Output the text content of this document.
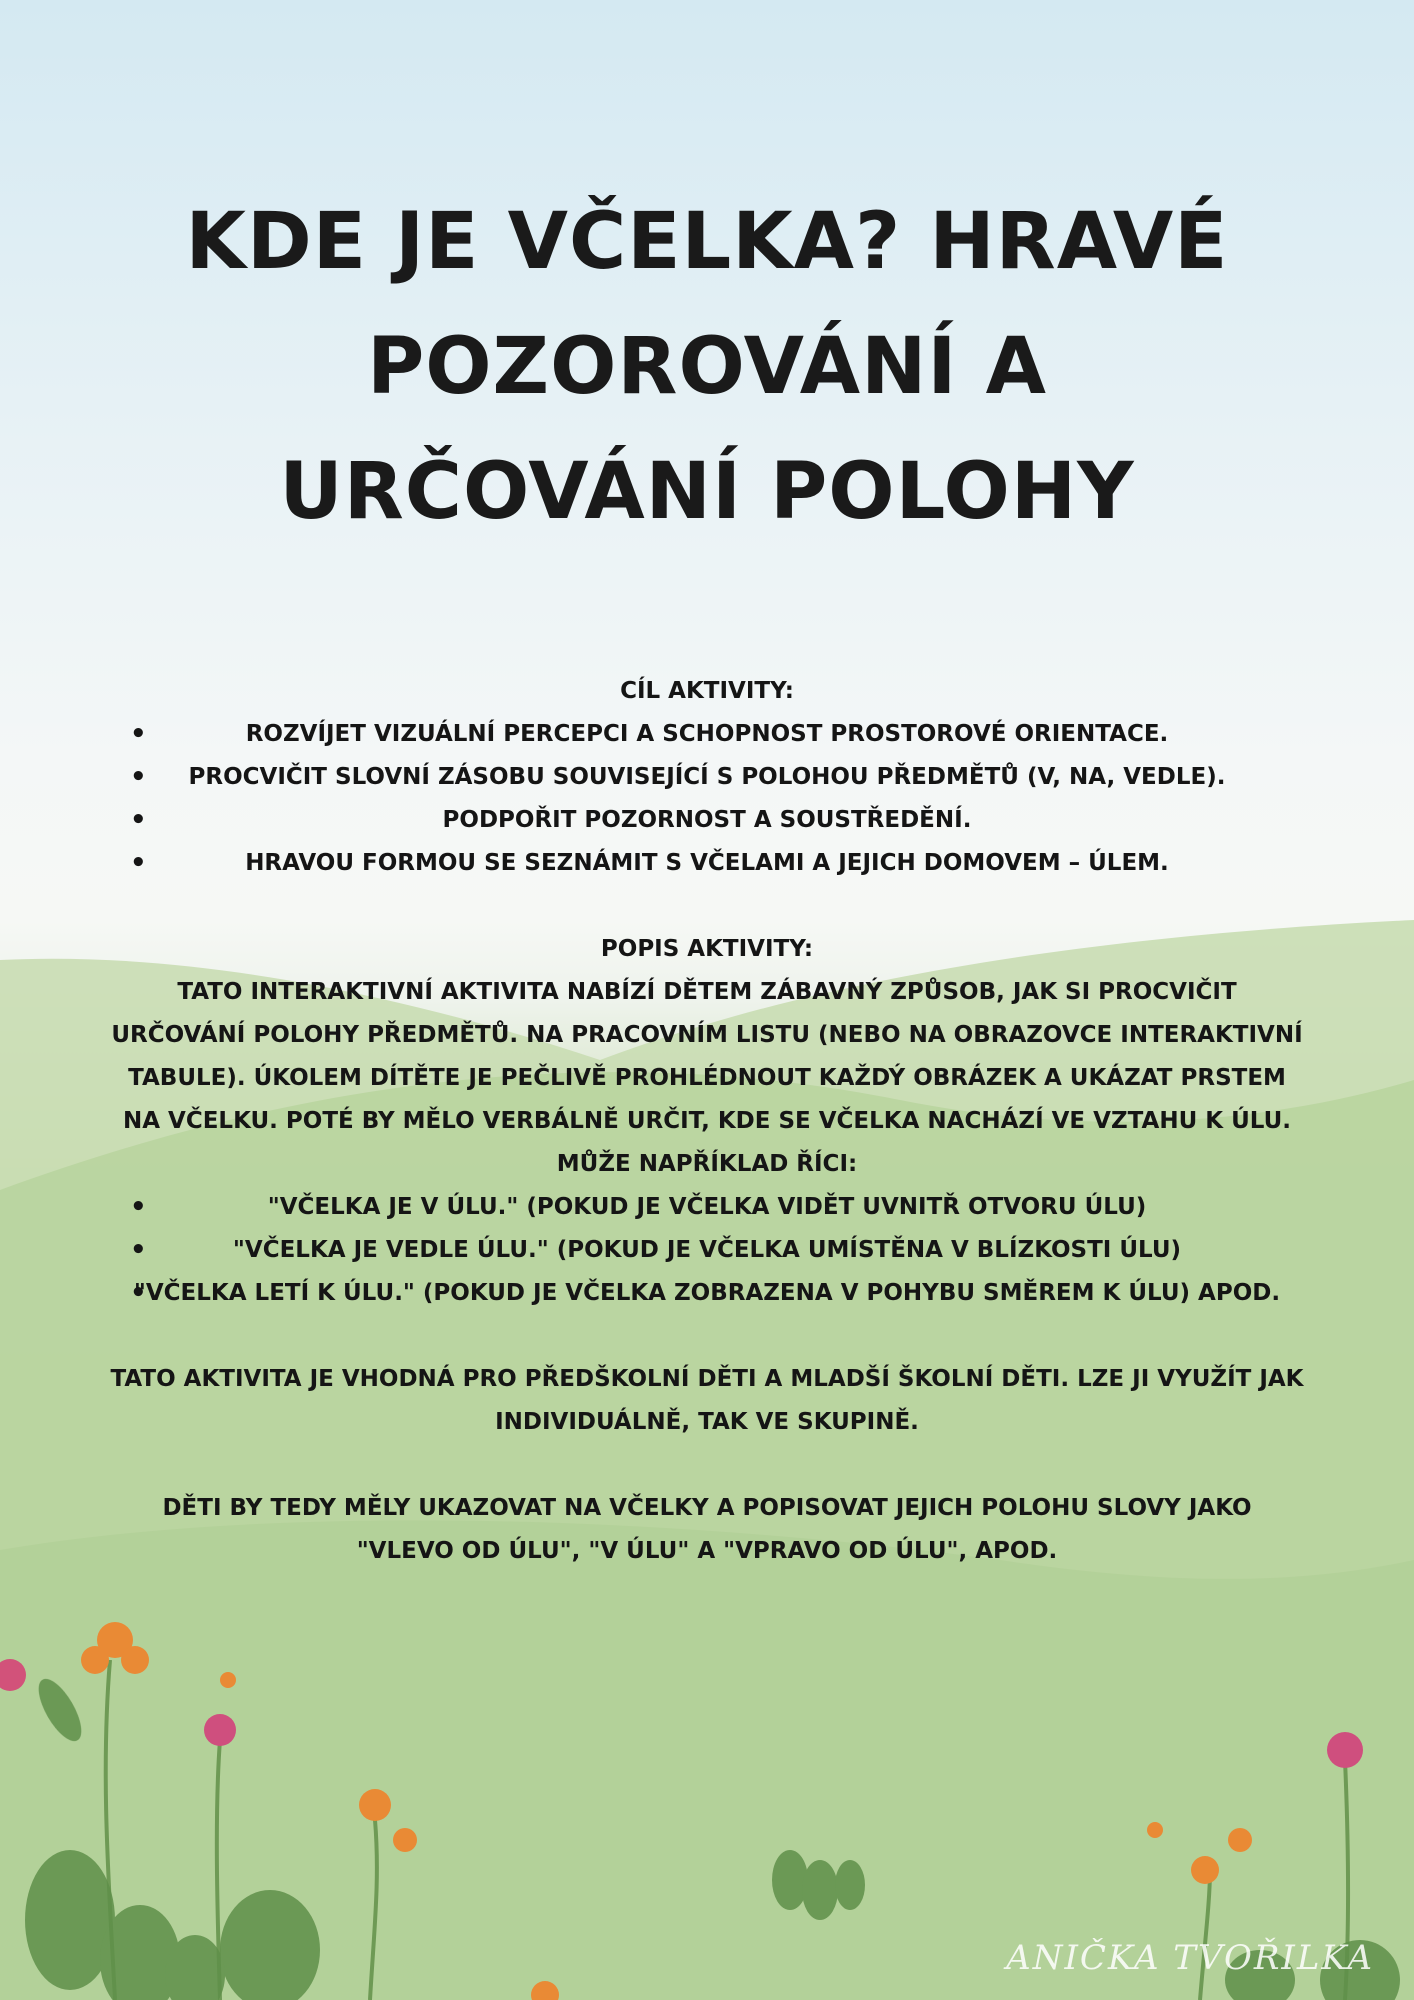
KDE JE VČELKA? HRAVÉ POZOROVÁNÍ A URČOVÁNÍ POLOHY

CÍL AKTIVITY:

• ROZVÍJET VIZUÁLNÍ PERCEPCI A SCHOPNOST PROSTOROVÉ ORIENTACE.
• PROCVIČIT SLOVNÍ ZÁSOBU SOUVISEJÍCÍ S POLOHOU PŘEDMĚTŮ (V, NA, VEDLE).
• PODPOŘIT POZORNOST A SOUSTŘEDĚNÍ.
• HRAVOU FORMOU SE SEZNÁMIT S VČELAMI A JEJICH DOMOVEM – ÚLEM.

POPIS AKTIVITY:

TATO INTERAKTIVNÍ AKTIVITA NABÍZÍ DĚTEM ZÁBAVNÝ ZPŮSOB, JAK SI PROCVIČIT URČOVÁNÍ POLOHY PŘEDMĚTŮ. NA PRACOVNÍM LISTU (NEBO NA OBRAZOVCE INTERAKTIVNÍ TABULE). ÚKOLEM DÍTĚTE JE PEČLIVĚ PROHLÉDNOUT KAŽDÝ OBRÁZEK A UKÁZAT PRSTEM NA VČELKU. POTÉ BY MĚLO VERBÁLNĚ URČIT, KDE SE VČELKA NACHÁZÍ VE VZTAHU K ÚLU. MŮŽE NAPŘÍKLAD ŘÍCI:

• "VČELKA JE V ÚLU." (POKUD JE VČELKA VIDĚT UVNITŘ OTVORU ÚLU)
• "VČELKA JE VEDLE ÚLU." (POKUD JE VČELKA UMÍSTĚNA V BLÍZKOSTI ÚLU)
• "VČELKA LETÍ K ÚLU." (POKUD JE VČELKA ZOBRAZENA V POHYBU SMĚREM K ÚLU) APOD.

TATO AKTIVITA JE VHODNÁ PRO PŘEDŠKOLNÍ DĚTI A MLADŠÍ ŠKOLNÍ DĚTI. LZE JI VYUŽÍT JAK INDIVIDUÁLNĚ, TAK VE SKUPINĚ.

DĚTI BY TEDY MĚLY UKAZOVAT NA VČELKY A POPISOVAT JEJICH POLOHU SLOVY JAKO "VLEVO OD ÚLU", "V ÚLU" A "VPRAVO OD ÚLU", APOD.

ANIČKA TVOŘILKA
